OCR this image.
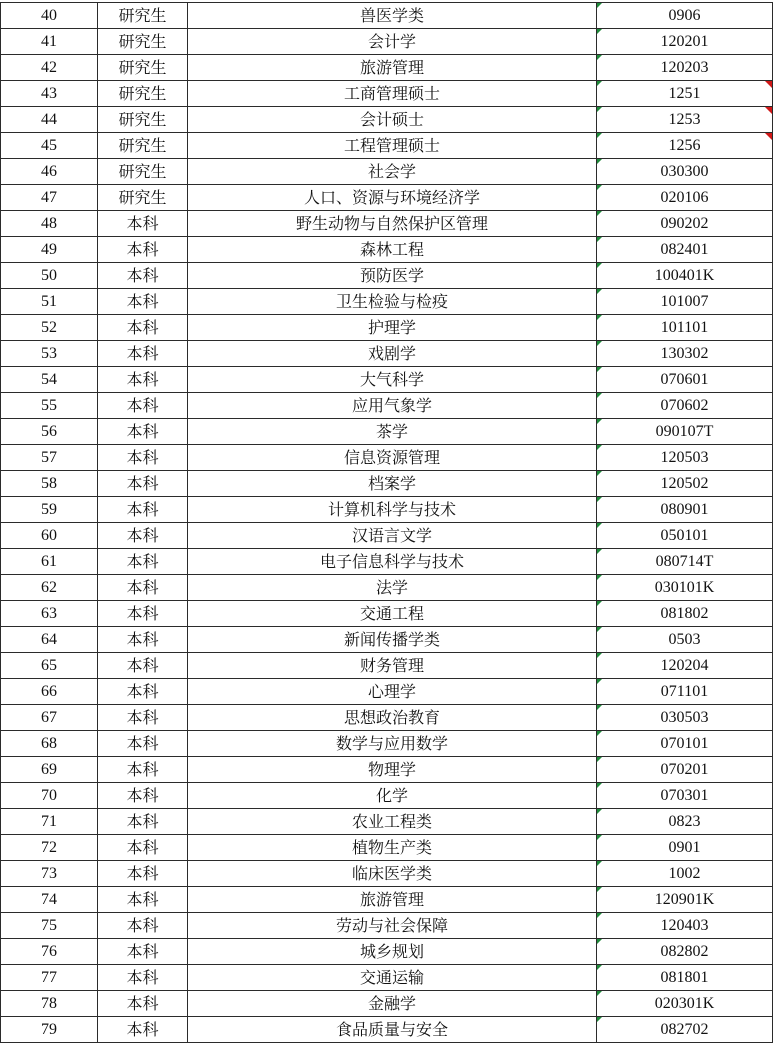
40	研究生	兽医学类	0906
41	研究生	会计学	120201
42	研究生	旅游管理	120203
43	研究生	工商管理硕士	1251

44	研究生	会计硕士	1253

45	研究生	工程管理硕士	1256

46	研究生	社会学	030300
47	研究生	人口、资源与环境经济学	020106
48	本科	野生动物与自然保护区管理	090202
49	本科	森林工程	082401
50	本科	预防医学	100401K
51	本科	卫生检验与检疫	101007
52	本科	护理学	101101
53	本科	戏剧学	130302
54	本科	大气科学	070601
55	本科	应用气象学	070602
56	本科	茶学	090107T
57	本科	信息资源管理	120503
58	本科	档案学	120502
59	本科	计算机科学与技术	080901
60	本科	汉语言文学	050101
61	本科	电子信息科学与技术	080714T
62	本科	法学	030101K
63	本科	交通工程	081802
64	本科	新闻传播学类	0503
65	本科	财务管理	120204
66	本科	心理学	071101
67	本科	思想政治教育	030503
68	本科	数学与应用数学	070101
69	本科	物理学	070201
70	本科	化学	070301
71	本科	农业工程类	0823
72	本科	植物生产类	0901
73	本科	临床医学类	1002
74	本科	旅游管理	120901K
75	本科	劳动与社会保障	120403
76	本科	城乡规划	082802
77	本科	交通运输	081801
78	本科	金融学	020301K
79	本科	食品质量与安全	082702
